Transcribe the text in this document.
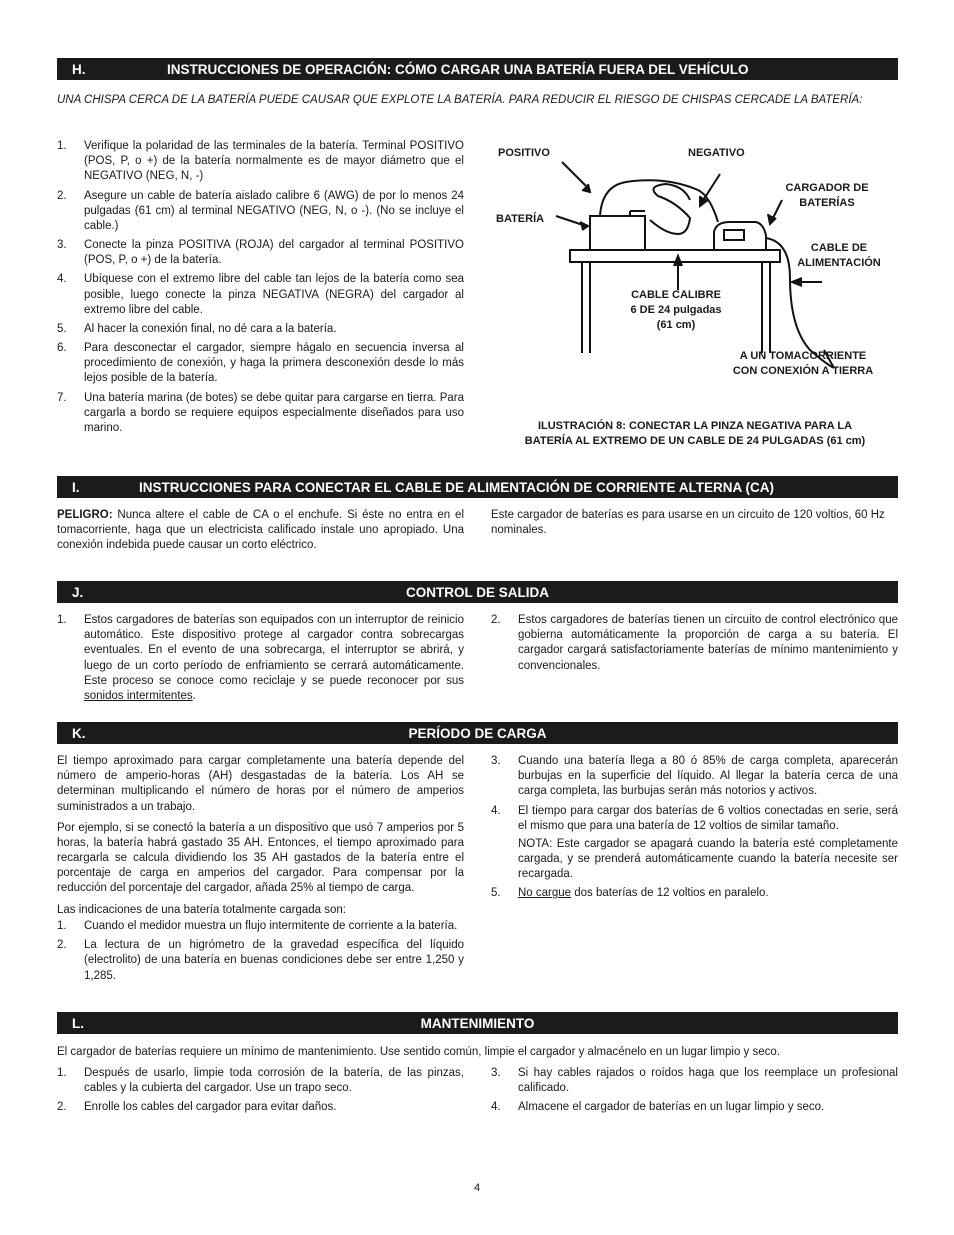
H.	INSTRUCCIONES DE OPERACIÓN: CÓMO CARGAR UNA BATERÍA FUERA DEL VEHÍCULO
UNA CHISPA CERCA DE LA BATERÍA PUEDE CAUSAR QUE EXPLOTE LA BATERÍA. PARA REDUCIR EL RIESGO DE CHISPAS CERCADE LA BATERÍA:
1. Verifique la polaridad de las terminales de la batería. Terminal POSITIVO (POS, P, o +) de la batería normalmente es de mayor diámetro que el NEGATIVO (NEG, N, -)
2. Asegure un cable de batería aislado calibre 6 (AWG) de por lo menos 24 pulgadas (61 cm) al terminal NEGATIVO (NEG, N, o -). (No se incluye el cable.)
3. Conecte la pinza POSITIVA (ROJA) del cargador al terminal POSITIVO (POS, P, o +) de la batería.
4. Ubíquese con el extremo libre del cable tan lejos de la batería como sea posible, luego conecte la pinza NEGATIVA (NEGRA) del cargador al extremo libre del cable.
5. Al hacer la conexión final, no dé cara a la batería.
6. Para desconectar el cargador, siempre hágalo en secuencia inversa al procedimiento de conexión, y haga la primera desconexión desde lo más lejos posible de la batería.
7. Una batería marina (de botes) se debe quitar para cargarse en tierra. Para cargarla a bordo se requiere equipos especialmente diseñados para uso marino.
POSITIVO	NEGATIVO
BATERÍA
CARGADOR DE
BATERÍAS
CABLE DE
ALIMENTACIÓN
CABLE CALIBRE
6 DE 24 pulgadas
(61 cm)
A UN TOMACORRIENTE
CON CONEXIÓN A TIERRA
ILUSTRACIÓN 8: CONECTAR LA PINZA NEGATIVA PARA LA
BATERÍA AL EXTREMO DE UN CABLE DE 24 PULGADAS (61 cm)
I.	INSTRUCCIONES PARA CONECTAR EL CABLE DE ALIMENTACIÓN DE CORRIENTE ALTERNA (CA)
PELIGRO: Nunca altere el cable de CA o el enchufe. Si éste no entra en el tomacorriente, haga que un electricista calificado instale uno apropiado. Una conexión indebida puede causar un corto eléctrico.
Este cargador de baterías es para usarse en un circuito de 120 voltios, 60 Hz nominales.
J.	CONTROL DE SALIDA
1. Estos cargadores de baterías son equipados con un interruptor de reinicio automático. Este dispositivo protege al cargador contra sobrecargas eventuales. En el evento de una sobrecarga, el interruptor se abrirá, y luego de un corto período de enfriamiento se cerrará automáticamente. Este proceso se conoce como reciclaje y se puede reconocer por sus sonidos intermitentes.
2. Estos cargadores de baterías tienen un circuito de control electrónico que gobierna automáticamente la proporción de carga a su batería. El cargador cargará satisfactoriamente baterías de mínimo mantenimiento y convencionales.
K.	PERÍODO DE CARGA

El tiempo aproximado para cargar completamente una batería depende del número de amperio-horas (AH) desgastadas de la batería. Los AH se determinan multiplicando el número de horas por el número de amperios suministrados a un trabajo.

Por ejemplo, si se conectó la batería a un dispositivo que usó 7 amperios por 5 horas, la batería habrá gastado 35 AH. Entonces, el tiempo aproximado para recargarla se calcula dividiendo los 35 AH gastados de la batería entre el porcentaje de carga en amperios del cargador. Para compensar por la reducción del porcentaje del cargador, añada 25% al tiempo de carga.

Las indicaciones de una batería totalmente cargada son:

1. Cuando el medidor muestra un flujo intermitente de corriente a la batería.
2. La lectura de un higrómetro de la gravedad específica del líquido (electrolito) de una batería en buenas condiciones debe ser entre 1,250 y 1,285.
3. Cuando una batería llega a 80 ó 85% de carga completa, aparecerán burbujas en la superficie del líquido. Al llegar la batería cerca de una carga completa, las burbujas serán más notorios y activos.
4. El tiempo para cargar dos baterías de 6 voltios conectadas en serie, será el mismo que para una batería de 12 voltios de similar tamaño.
NOTA: Este cargador se apagará cuando la batería esté completamente cargada, y se prenderá automáticamente cuando la batería necesite ser recargada.
5. No cargue dos baterías de 12 voltios en paralelo.
L.	MANTENIMIENTO
El cargador de baterías requiere un mínimo de mantenimiento. Use sentido común, limpie el cargador y almacénelo en un lugar limpio y seco.
1. Después de usarlo, limpie toda corrosión de la batería, de las pinzas, cables y la cubierta del cargador. Use un trapo seco.
2. Enrolle los cables del cargador para evitar daños.
3. Si hay cables rajados o roídos haga que los reemplace un profesional calificado.
4. Almacene el cargador de baterías en un lugar limpio y seco.
4
